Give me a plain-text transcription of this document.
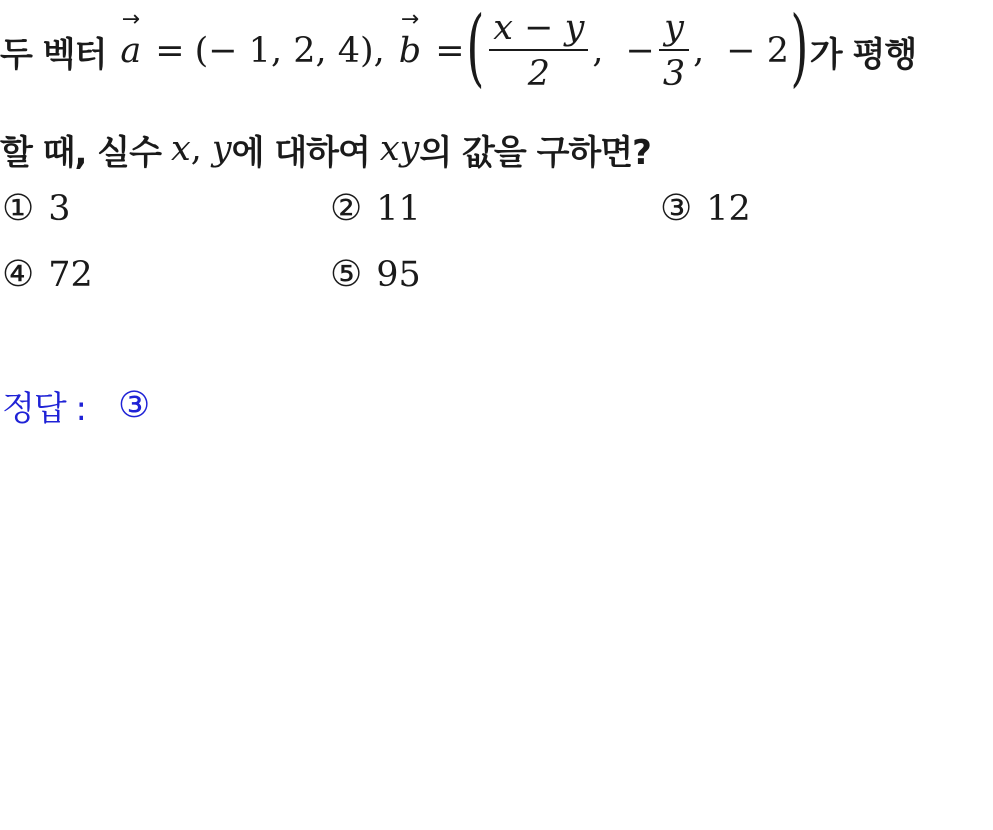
두 벡터
→
a = (− 1, 2, 4),
→
b = ( $\frac{x - y}{2}$ , − $\frac{y}{3}$ , − 2 ) 가 평행
할 때, 실수 x , y 에 대하여 xy 의 값을 구하면?
① 3	② 11	③ 12
④ 72	⑤ 95
정답 : ③
